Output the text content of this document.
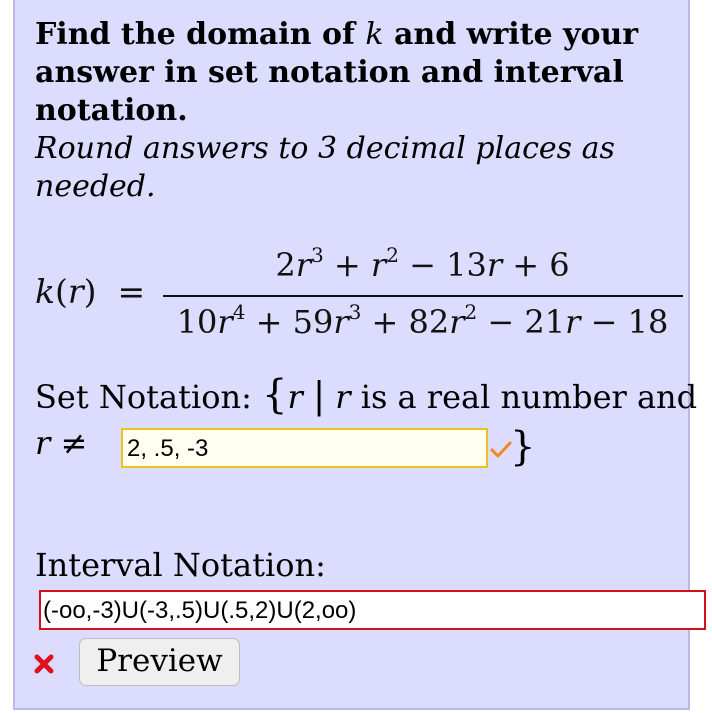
Find the domain of k and write your answer in set notation and interval notation.
Round answers to 3 decimal places as needed.
k(r)  =
$2r^3 + r^2 - 13r + 6$
$10r^4 + 59r^3 + 82r^2 - 21r - 18$
Set Notation: {r | r is a real number and
r ≠ 2, .5, -3	}
Interval Notation:
(-oo,-3)U(-3,.5)U(.5,2)U(2,oo)
Preview
